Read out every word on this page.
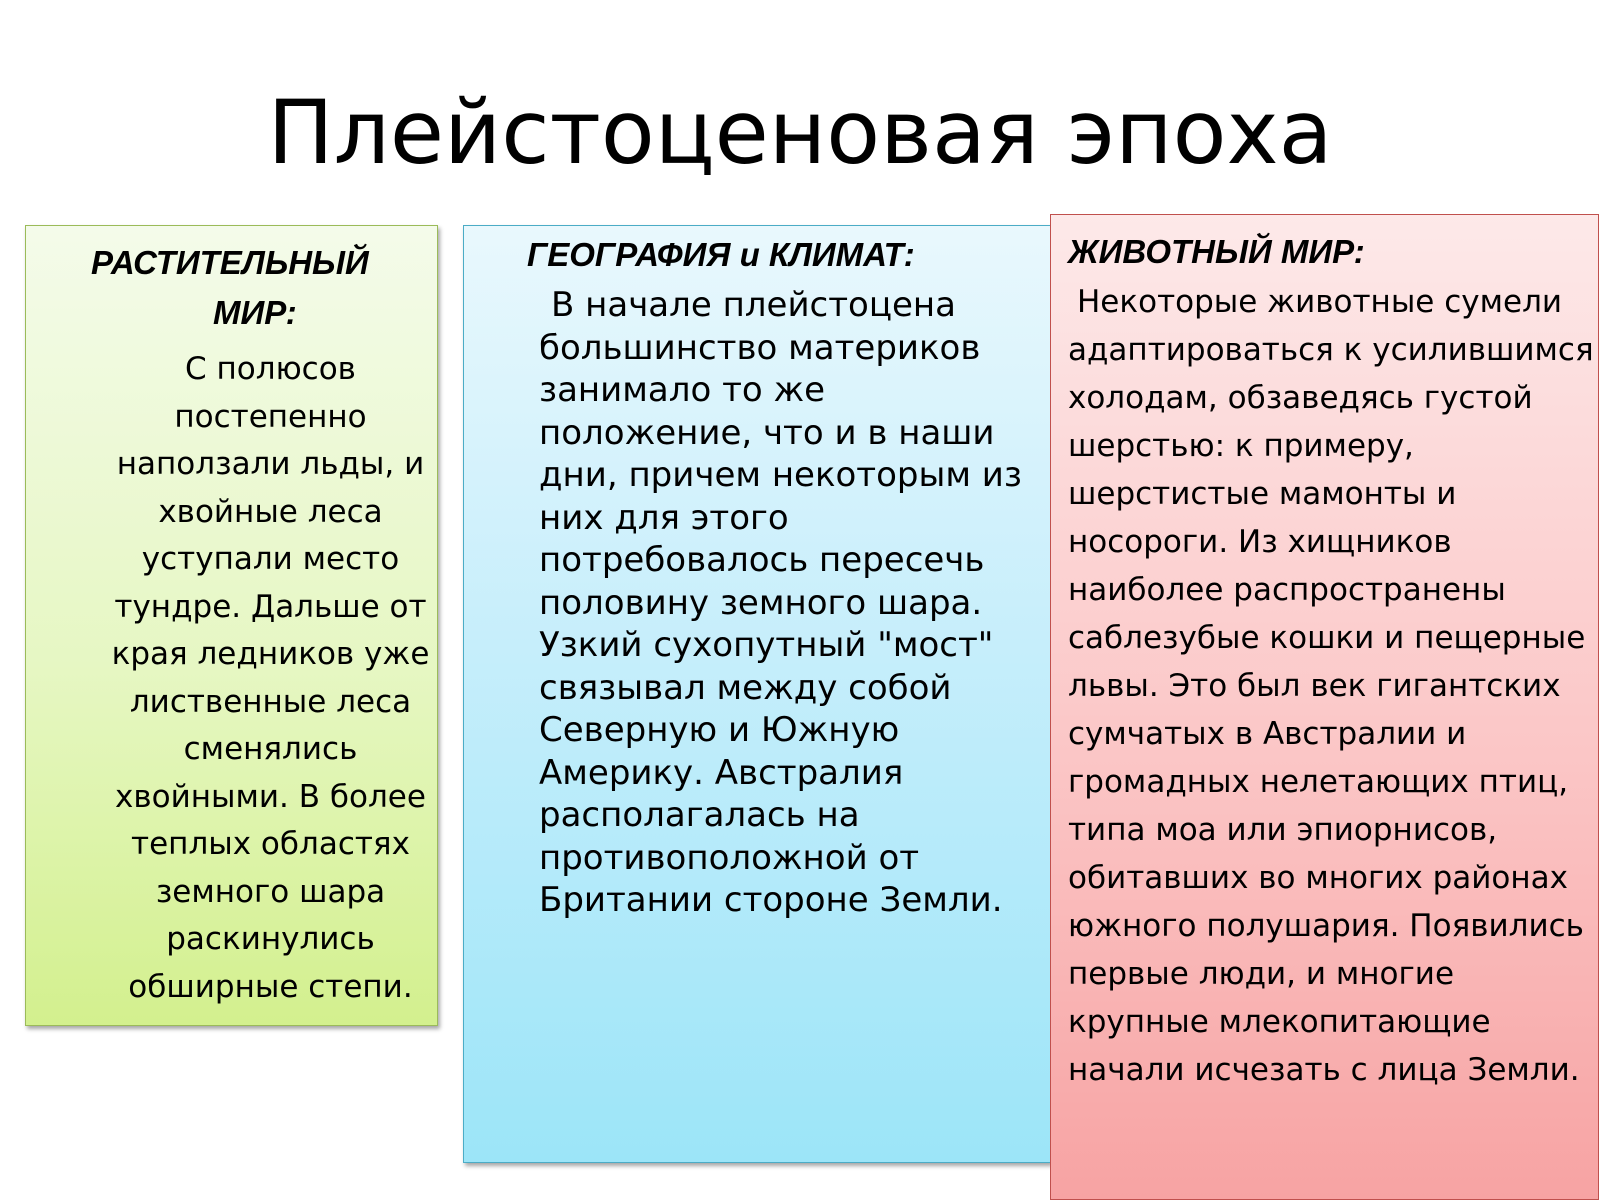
Плейстоценовая эпоха
РАСТИТЕЛЬНЫЙ
МИР:
С полюсов постепенно наползали льды, и хвойные леса уступали место тундре. Дальше от края ледников уже лиственные леса сменялись хвойными. В более теплых областях земного шара раскинулись обширные степи.
ГЕОГРАФИЯ и КЛИМАТ:
В начале плейстоцена большинство материков занимало то же положение, что и в наши дни, причем некоторым из них для этого потребовалось пересечь половину земного шара. Узкий сухопутный "мост" связывал между собой Северную и Южную Америку. Австралия располагалась на противоположной от Британии стороне Земли.
ЖИВОТНЫЙ МИР:
Некоторые животные сумели адаптироваться к усилившимся холодам, обзаведясь густой шерстью: к примеру, шерстистые мамонты и носороги. Из хищников наиболее распространены саблезубые кошки и пещерные львы. Это был век гигантских сумчатых в Австралии и громадных нелетающих птиц, типа моа или эпиорнисов, обитавших во многих районах южного полушария. Появились первые люди, и многие крупные млекопитающие начали исчезать с лица Земли.
